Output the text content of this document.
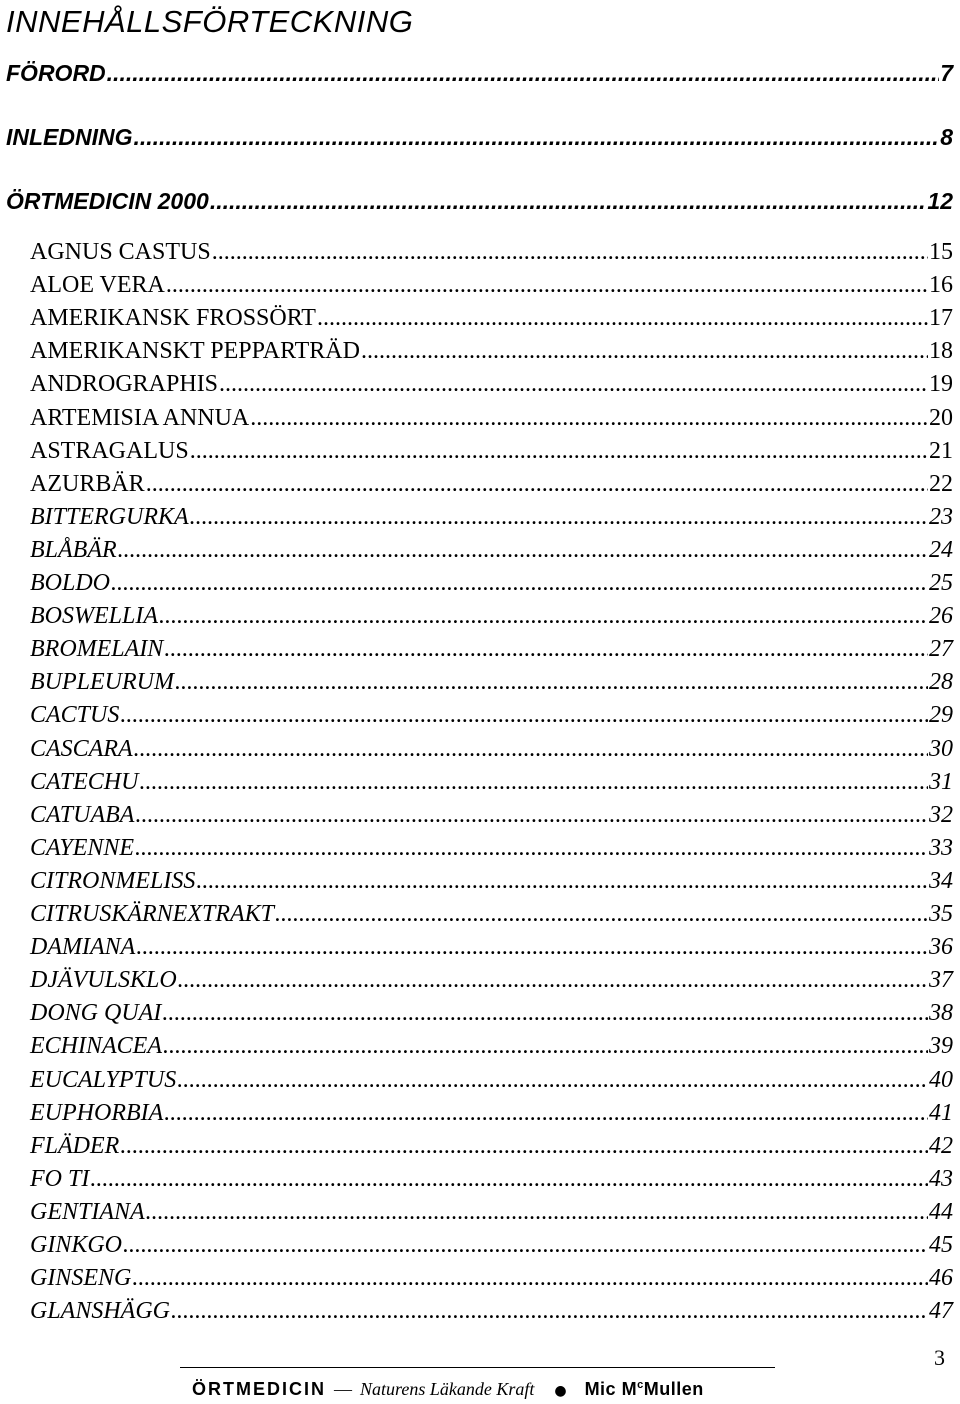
INNEHÅLLSFÖRTECKNING
FÖRORD .....	7
INLEDNING .....	8
ÖRTMEDICIN 2000 .....	12
AGNUS CASTUS .....	15
ALOE VERA .....	16
AMERIKANSK FROSSÖRT .....	17
AMERIKANSKT PEPPARTRÄD .....	18
ANDROGRAPHIS .....	19
ARTEMISIA ANNUA .....	20
ASTRAGALUS .....	21
AZURBÄR .....	22
BITTERGURKA .....	23
BLÅBÄR .....	24
BOLDO .....	25
BOSWELLIA .....	26
BROMELAIN .....	27
BUPLEURUM .....	28
CACTUS .....	29
CASCARA .....	30
CATECHU .....	31
CATUABA .....	32
CAYENNE .....	33
CITRONMELISS .....	34
CITRUSKÄRNEXTRAKT .....	35
DAMIANA .....	36
DJÄVULSKLO .....	37
DONG QUAI .....	38
ECHINACEA .....	39
EUCALYPTUS .....	40
EUPHORBIA .....	41
FLÄDER .....	42
FO TI .....	43
GENTIANA .....	44
GINKGO .....	45
GINSENG .....	46
GLANSHÄGG .....	47
ÖRTMEDICIN — Naturens Läkande Kraft ● Mic $M^cMullen$
3
